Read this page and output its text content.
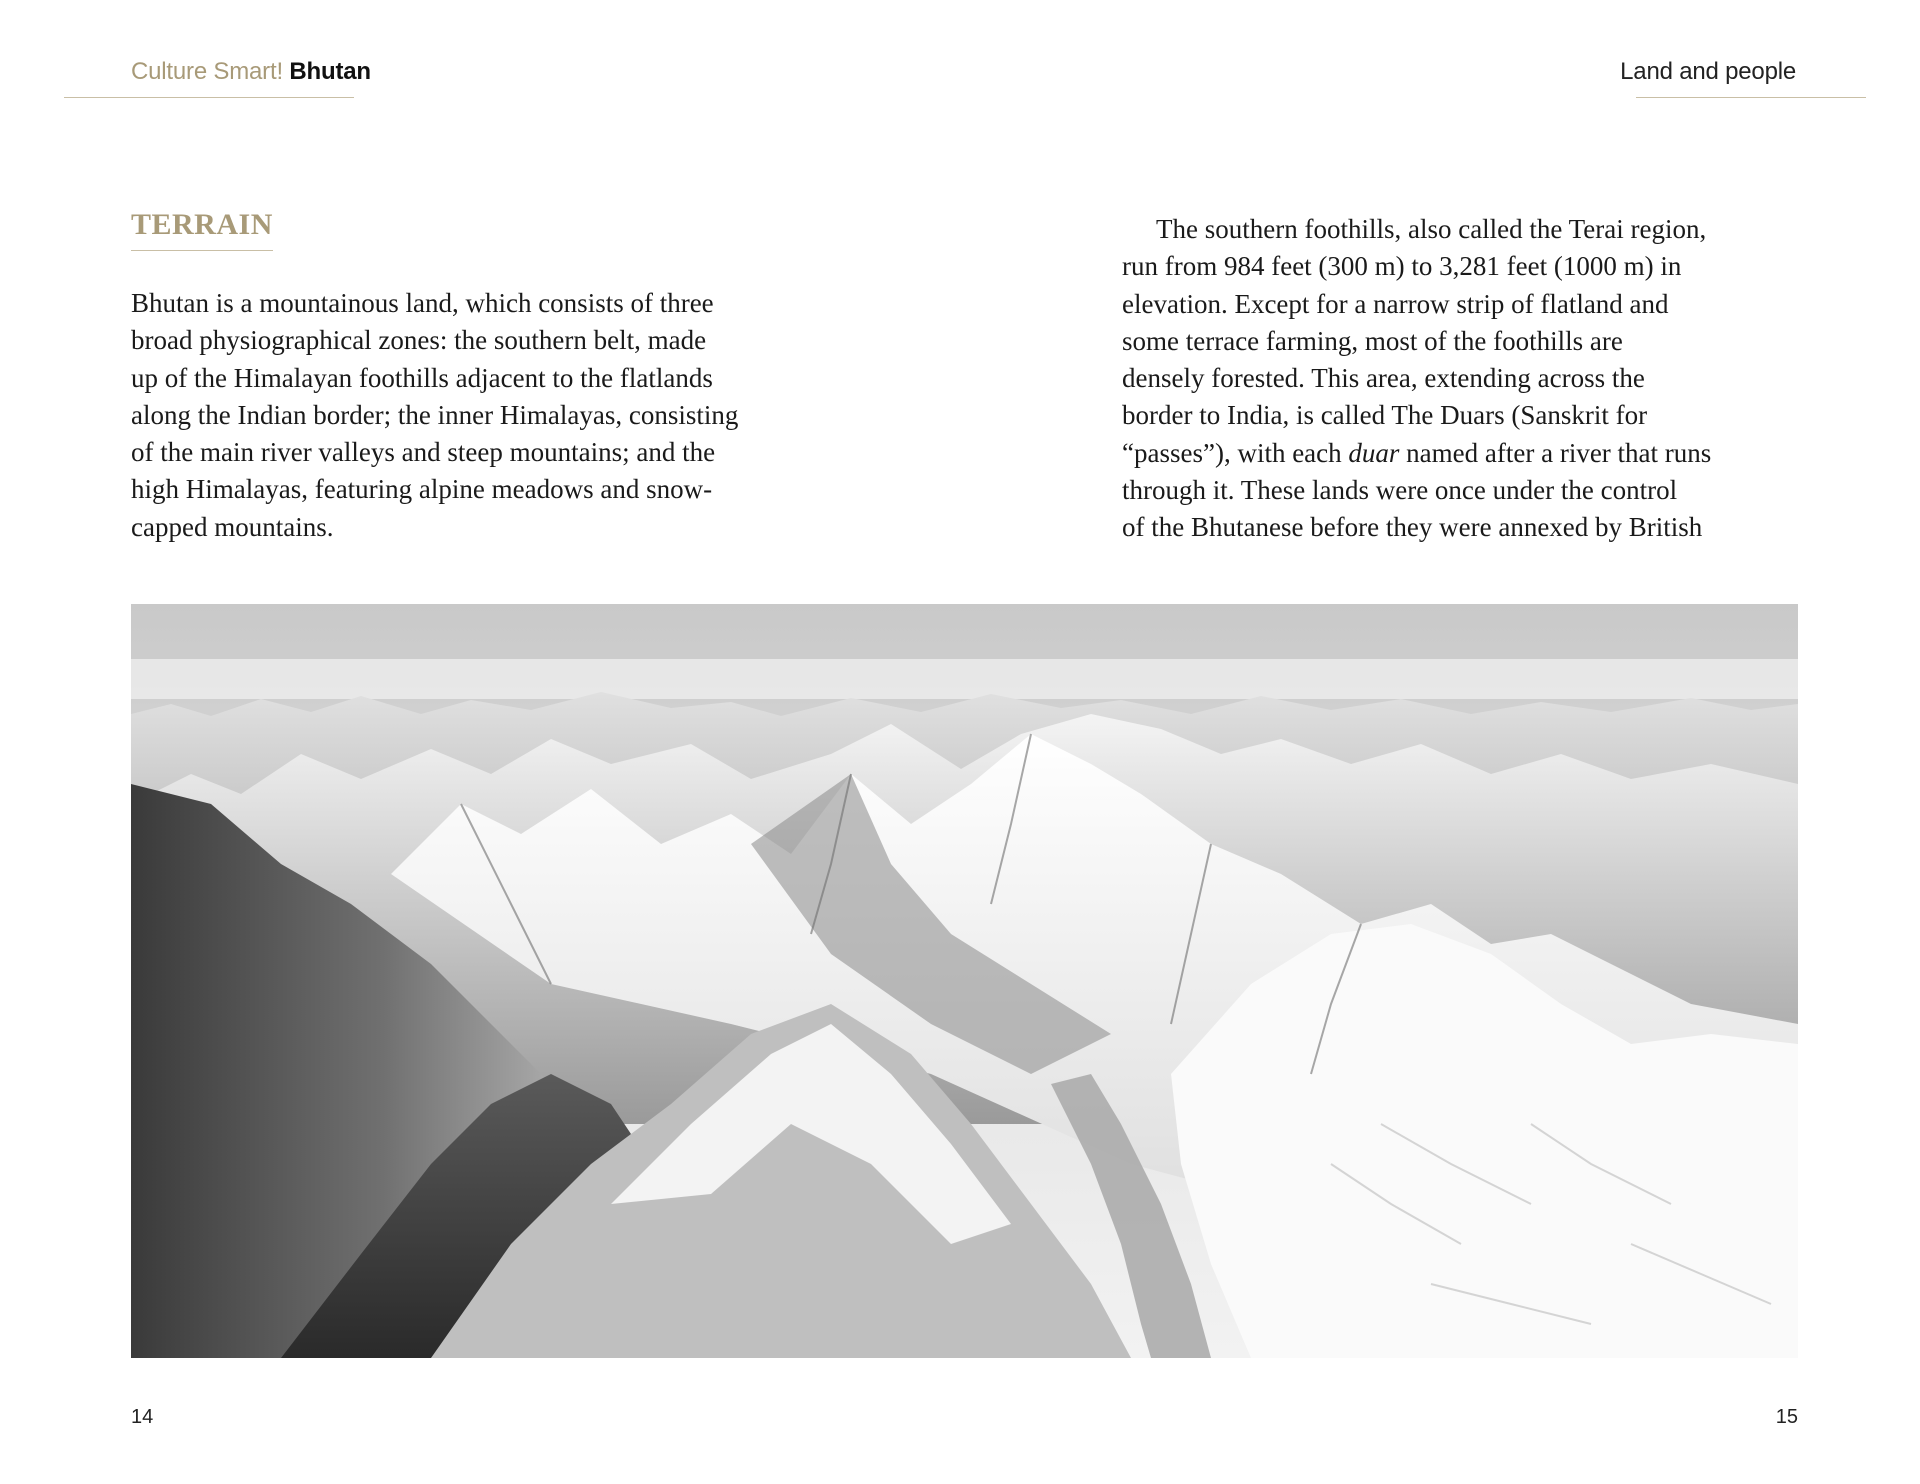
Culture Smart! Bhutan	Land and people
TERRAIN

Bhutan is a mountainous land, which consists of three
broad physiographical zones: the southern belt, made
up of the Himalayan foothills adjacent to the flatlands
along the Indian border; the inner Himalayas, consisting
of the main river valleys and steep mountains; and the
high Himalayas, featuring alpine meadows and snow-
capped mountains.

The southern foothills, also called the Terai region,
run from 984 feet (300 m) to 3,281 feet (1000 m) in
elevation. Except for a narrow strip of flatland and
some terrace farming, most of the foothills are
densely forested. This area, extending across the
border to India, is called The Duars (Sanskrit for
“passes”), with each duar named after a river that runs
through it. These lands were once under the control
of the Bhutanese before they were annexed by British

14	15
